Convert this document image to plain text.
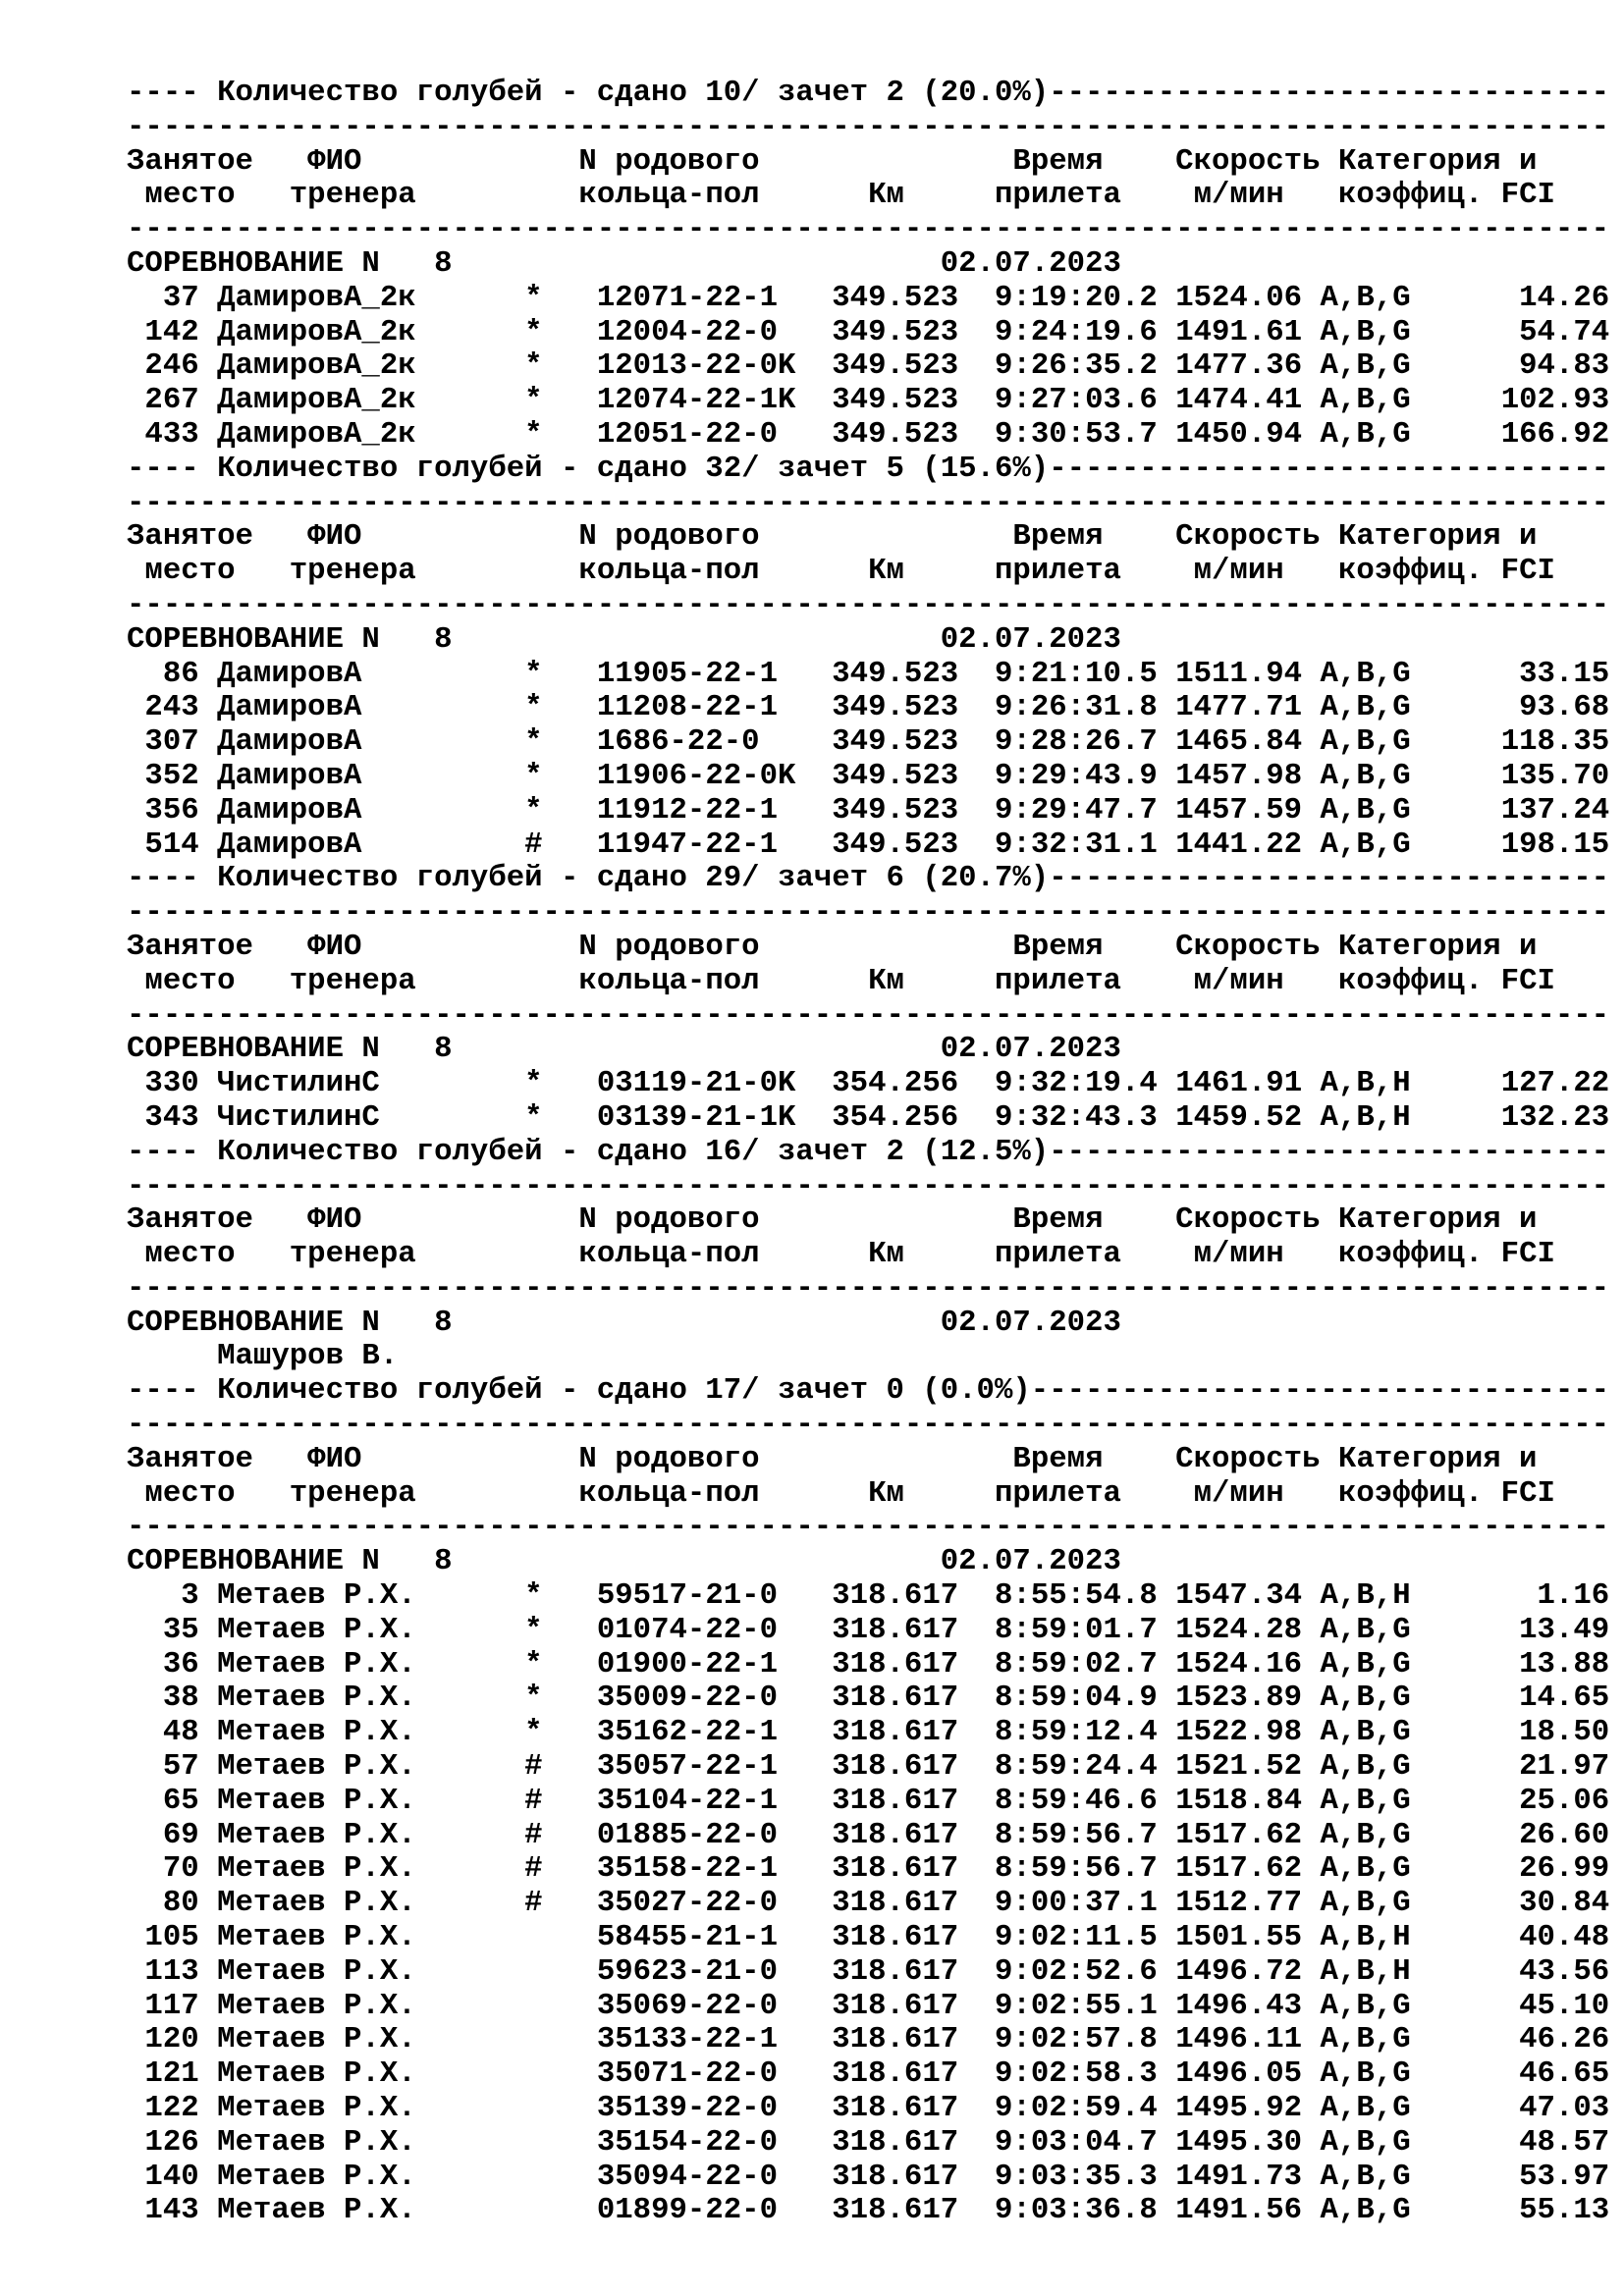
---- Количество голубей - сдано 10/ зачет 2 (20.0%)-------------------------------
----------------------------------------------------------------------------------
Занятое ФИО	N родового	Время Скорость Категория и
место тренера	кольца-пол	Км	прилета м/мин коэффиц. FCI
----------------------------------------------------------------------------------
СОРЕВНОВАНИЕ N   8	02.07.2023
37 ДамировА_2к	* 12071-22-1 349.523 9:19:20.2 1524.06 A,B,G      14.26
142 ДамировА_2к	* 12004-22-0 349.523 9:24:19.6 1491.61 A,B,G      54.74
246 ДамировА_2к	* 12013-22-0K 349.523 9:26:35.2 1477.36 A,B,G      94.83
267 ДамировА_2к	* 12074-22-1K 349.523 9:27:03.6 1474.41 A,B,G     102.93
433 ДамировА_2к	* 12051-22-0 349.523 9:30:53.7 1450.94 A,B,G     166.92
---- Количество голубей - сдано 32/ зачет 5 (15.6%)-------------------------------
----------------------------------------------------------------------------------
Занятое ФИО	N родового	Время Скорость Категория и
место тренера	кольца-пол	Км	прилета м/мин коэффиц. FCI
----------------------------------------------------------------------------------
СОРЕВНОВАНИЕ N   8	02.07.2023
86 ДамировА	* 11905-22-1 349.523 9:21:10.5 1511.94 A,B,G      33.15
243 ДамировА	* 11208-22-1 349.523 9:26:31.8 1477.71 A,B,G      93.68
307 ДамировА	* 1686-22-0 349.523 9:28:26.7 1465.84 A,B,G     118.35
352 ДамировА	* 11906-22-0K 349.523 9:29:43.9 1457.98 A,B,G     135.70
356 ДамировА	* 11912-22-1 349.523 9:29:47.7 1457.59 A,B,G     137.24
514 ДамировА	# 11947-22-1 349.523 9:32:31.1 1441.22 A,B,G     198.15
---- Количество голубей - сдано 29/ зачет 6 (20.7%)-------------------------------
----------------------------------------------------------------------------------
Занятое ФИО	N родового	Время Скорость Категория и
место тренера	кольца-пол	Км	прилета м/мин коэффиц. FCI
----------------------------------------------------------------------------------
СОРЕВНОВАНИЕ N   8	02.07.2023
330 ЧистилинС	* 03119-21-0K 354.256 9:32:19.4 1461.91 A,B,H     127.22
343 ЧистилинС	* 03139-21-1K 354.256 9:32:43.3 1459.52 A,B,H     132.23
---- Количество голубей - сдано 16/ зачет 2 (12.5%)-------------------------------
----------------------------------------------------------------------------------
Занятое ФИО	N родового	Время Скорость Категория и
место тренера	кольца-пол	Км	прилета м/мин коэффиц. FCI
----------------------------------------------------------------------------------
СОРЕВНОВАНИЕ N   8	02.07.2023
Машуров В.
---- Количество голубей - сдано 17/ зачет 0 (0.0%)--------------------------------
----------------------------------------------------------------------------------
Занятое ФИО	N родового	Время Скорость Категория и
место тренера	кольца-пол	Км	прилета м/мин коэффиц. FCI
----------------------------------------------------------------------------------
СОРЕВНОВАНИЕ N   8	02.07.2023
3 Метаев Р.Х.	* 59517-21-0 318.617 8:55:54.8 1547.34 A,B,H       1.16
35 Метаев Р.Х.	* 01074-22-0 318.617 8:59:01.7 1524.28 A,B,G      13.49
36 Метаев Р.Х.	* 01900-22-1 318.617 8:59:02.7 1524.16 A,B,G      13.88
38 Метаев Р.Х.	* 35009-22-0 318.617 8:59:04.9 1523.89 A,B,G      14.65
48 Метаев Р.Х.	* 35162-22-1 318.617 8:59:12.4 1522.98 A,B,G      18.50
57 Метаев Р.Х.	# 35057-22-1 318.617 8:59:24.4 1521.52 A,B,G      21.97
65 Метаев Р.Х.	# 35104-22-1 318.617 8:59:46.6 1518.84 A,B,G      25.06
69 Метаев Р.Х.	# 01885-22-0 318.617 8:59:56.7 1517.62 A,B,G      26.60
70 Метаев Р.Х.	# 35158-22-1 318.617 8:59:56.7 1517.62 A,B,G      26.99
80 Метаев Р.Х.	# 35027-22-0 318.617 9:00:37.1 1512.77 A,B,G      30.84
105 Метаев Р.Х.	58455-21-1 318.617 9:02:11.5 1501.55 A,B,H      40.48
113 Метаев Р.Х.	59623-21-0 318.617 9:02:52.6 1496.72 A,B,H      43.56
117 Метаев Р.Х.	35069-22-0 318.617 9:02:55.1 1496.43 A,B,G      45.10
120 Метаев Р.Х.	35133-22-1 318.617 9:02:57.8 1496.11 A,B,G      46.26
121 Метаев Р.Х.	35071-22-0 318.617 9:02:58.3 1496.05 A,B,G      46.65
122 Метаев Р.Х.	35139-22-0 318.617 9:02:59.4 1495.92 A,B,G      47.03
126 Метаев Р.Х.	35154-22-0 318.617 9:03:04.7 1495.30 A,B,G      48.57
140 Метаев Р.Х.	35094-22-0 318.617 9:03:35.3 1491.73 A,B,G      53.97
143 Метаев Р.Х.	01899-22-0 318.617 9:03:36.8 1491.56 A,B,G      55.13
